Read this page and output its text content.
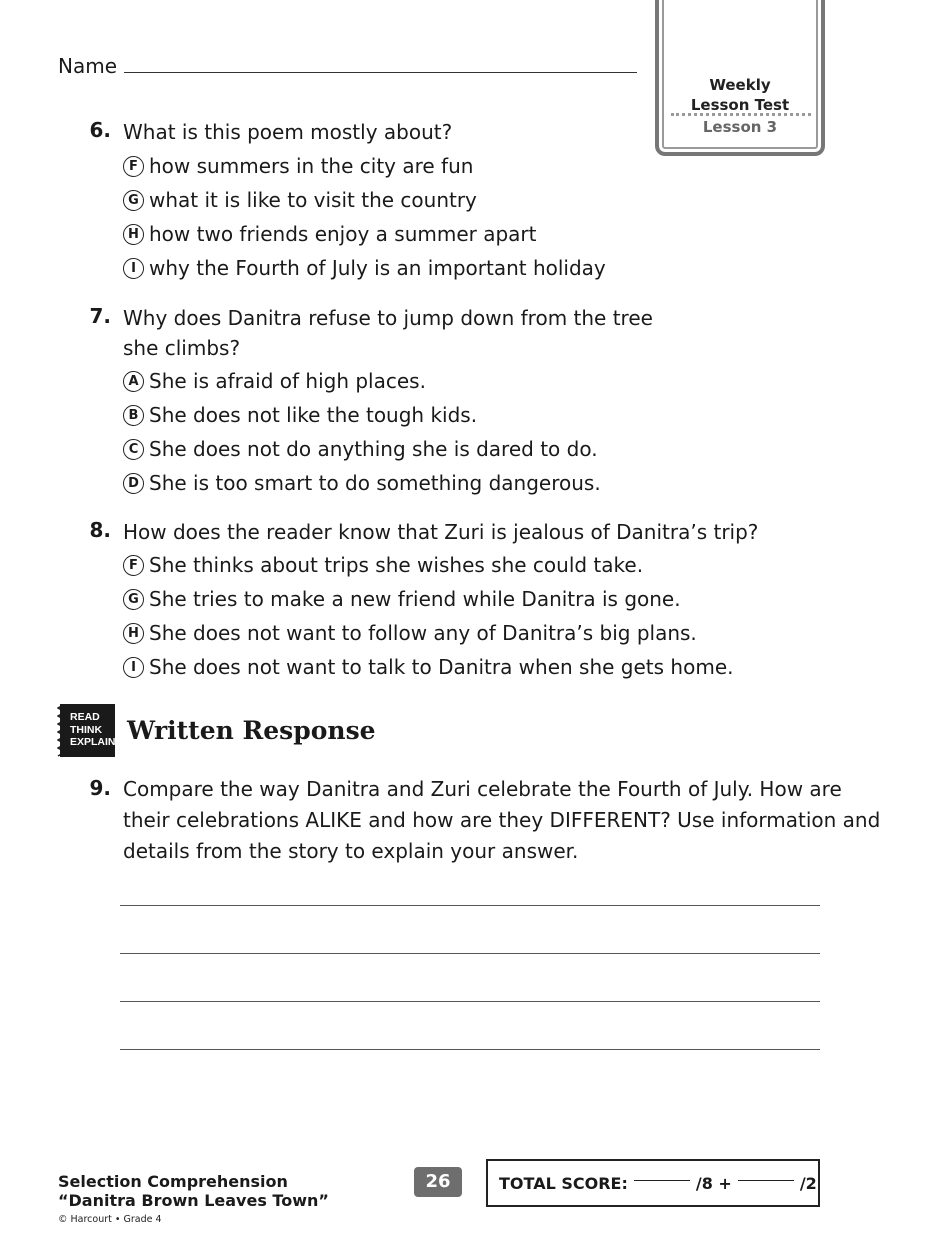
Name
Weekly
Lesson Test
Lesson 3
6. What is this poem mostly about?
F how summers in the city are fun
G what it is like to visit the country
H how two friends enjoy a summer apart
I why the Fourth of July is an important holiday
7. Why does Danitra refuse to jump down from the tree
she climbs?
A She is afraid of high places.
B She does not like the tough kids.
C She does not do anything she is dared to do.
D She is too smart to do something dangerous.
8. How does the reader know that Zuri is jealous of Danitra’s trip?
F She thinks about trips she wishes she could take.
G She tries to make a new friend while Danitra is gone.
H She does not want to follow any of Danitra’s big plans.
I She does not want to talk to Danitra when she gets home.
READ
THINK
EXPLAIN Written Response
9. Compare the way Danitra and Zuri celebrate the Fourth of July. How are
their celebrations ALIKE and how are they DIFFERENT? Use information and
details from the story to explain your answer.
Selection Comprehension
“Danitra Brown Leaves Town”
© Harcourt • Grade 4
26	TOTAL SCORE:	/8 +	/2
